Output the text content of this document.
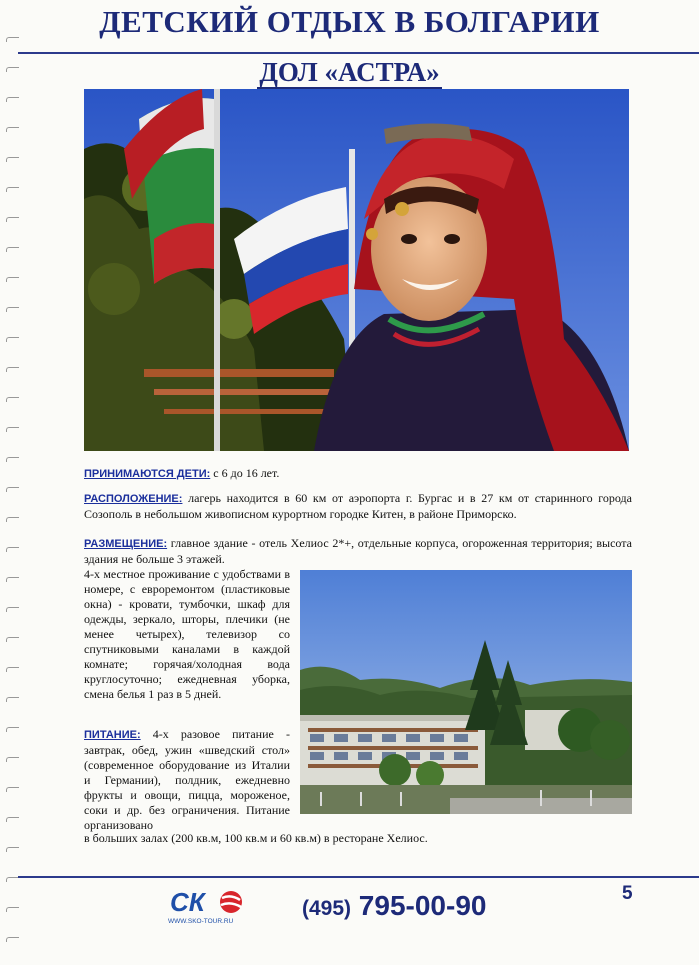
ДЕТСКИЙ ОТДЫХ В БОЛГАРИИ
ДОЛ «АСТРА»
ПРИНИМАЮТСЯ ДЕТИ: с 6 до 16 лет.
РАСПОЛОЖЕНИЕ: лагерь находится в 60 км от аэропорта г. Бургас и в 27 км от старинного города Созополь в небольшом живописном курортном городке Китен, в районе Приморско.
РАЗМЕЩЕНИЕ: главное здание - отель Хелиос 2*+, отдельные корпуса, огороженная территория; высота здания не больше 3 этажей.
4-х местное проживание с удобствами в номере, с евроремонтом (пластиковые окна) - кровати, тумбочки, шкаф для одежды, зеркало, шторы, плечики (не менее четырех), телевизор со спутниковыми каналами в каждой комнате; горячая/холодная вода круглосуточно; ежедневная уборка, смена белья 1 раз в 5 дней.
ПИТАНИЕ: 4-х разовое питание - завтрак, обед, ужин «шведский стол» (современное оборудование из Италии и Германии), полдник, ежедневно фрукты и овощи, пицца, мороженое, соки и др. без ограничения. Питание организовано
в больших залах (200 кв.м, 100 кв.м и 60 кв.м) в ресторане Хелиос.
СК
WWW.SKO-TOUR.RU
(495) 795-00-90	5
